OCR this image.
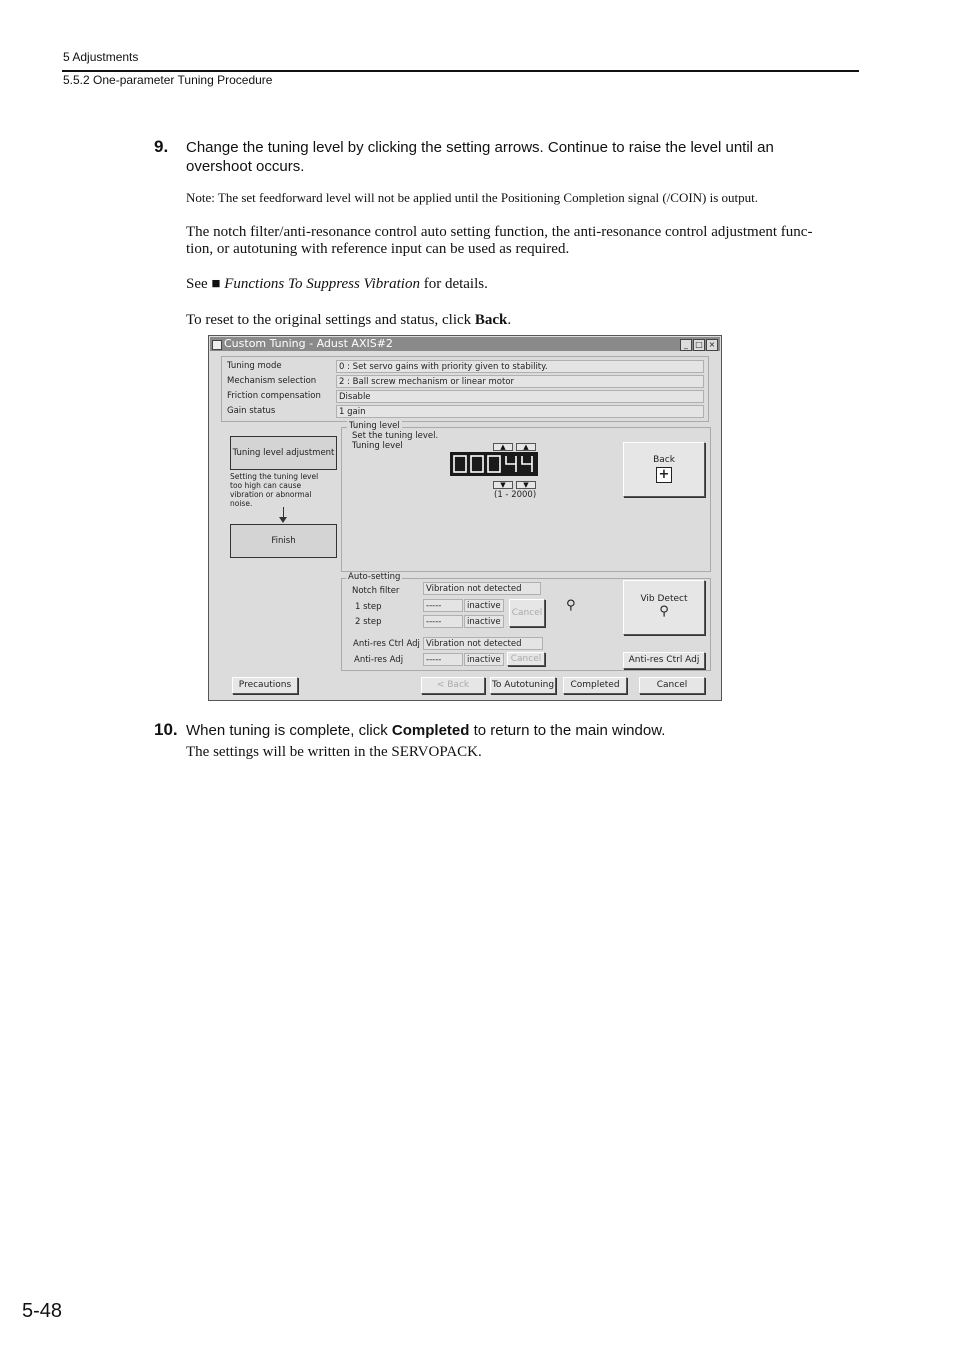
5 Adjustments
5.5.2 One-parameter Tuning Procedure
9. Change the tuning level by clicking the setting arrows. Continue to raise the level until an
overshoot occurs.
Note: The set feedforward level will not be applied until the Positioning Completion signal (/COIN) is output.
The notch filter/anti-resonance control auto setting function, the anti-resonance control adjustment func-
tion, or autotuning with reference input can be used as required.
See ■ Functions To Suppress Vibration for details.
To reset to the original settings and status, click Back.
Custom Tuning - Adust AXIS#2	_ □ ×
Tuning mode	0 : Set servo gains with priority given to stability.
Mechanism selection	2 : Ball screw mechanism or linear motor
Friction compensation	Disable
Gain status	1 gain
Tuning level adjustment
Setting the tuning level
too high can cause
vibration or abnormal
noise.
Finish
Tuning level
Set the tuning level.
Tuning level	▲	▲
▼	▼
(1 - 2000)
Back
+
Auto-setting
Notch filter	Vibration not detected
1 step	-----	inactive
2 step	-----	inactive
Cancel ⚲	Vib Detect
⚲
Anti-res Ctrl Adj Vibration not detected
Anti-res Adj	-----	inactive	Cancel	Anti-res Ctrl Adj
Precautions	< Back	To Autotuning	Completed	Cancel
10. When tuning is complete, click Completed to return to the main window.
The settings will be written in the SERVOPACK.
5-48
